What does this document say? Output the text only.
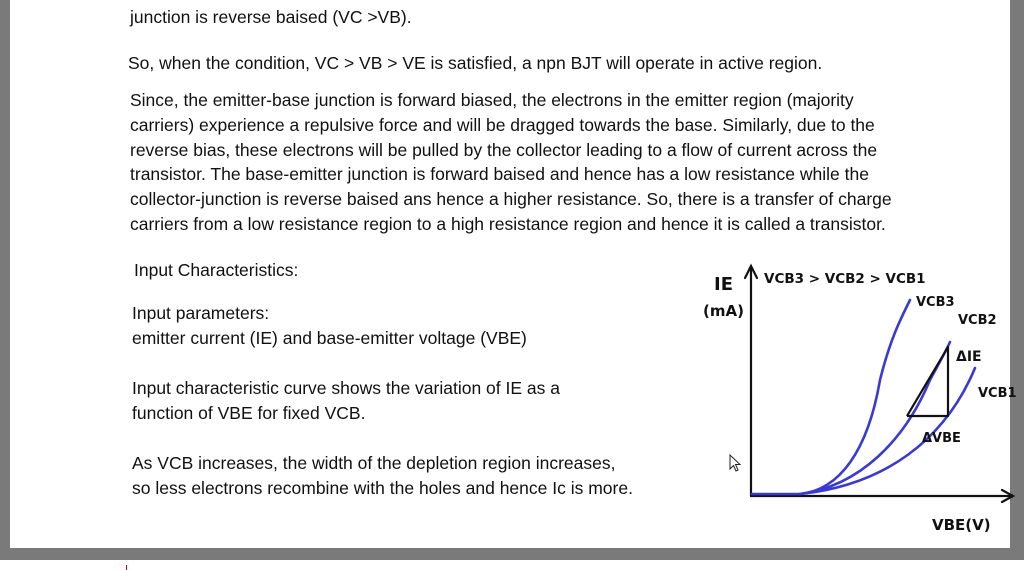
junction is reverse baised (VC >VB).
So, when the condition, VC > VB > VE is satisfied, a npn BJT will operate in active region.
Since, the emitter-base junction is forward biased, the electrons in the emitter region (majority
carriers) experience a repulsive force and will be dragged towards the base. Similarly, due to the
reverse bias, these electrons will be pulled by the collector leading to a flow of current across the
transistor. The base-emitter junction is forward baised and hence has a low resistance while the
collector-junction is reverse baised ans hence a higher resistance. So, there is a transfer of charge
carriers from a low resistance region to a high resistance region and hence it is called a transistor.
Input Characteristics:
Input parameters:
emitter current (IE) and base-emitter voltage (VBE)
Input characteristic curve shows the variation of IE as a
function of VBE for fixed VCB.
As VCB increases, the width of the depletion region increases,
so less electrons recombine with the holes and hence Ic is more.
IE
(mA)
VCB3 > VCB2 > VCB1
VCB3
VCB2
VCB1
ΔIE
ΔVBE
VBE(V)
